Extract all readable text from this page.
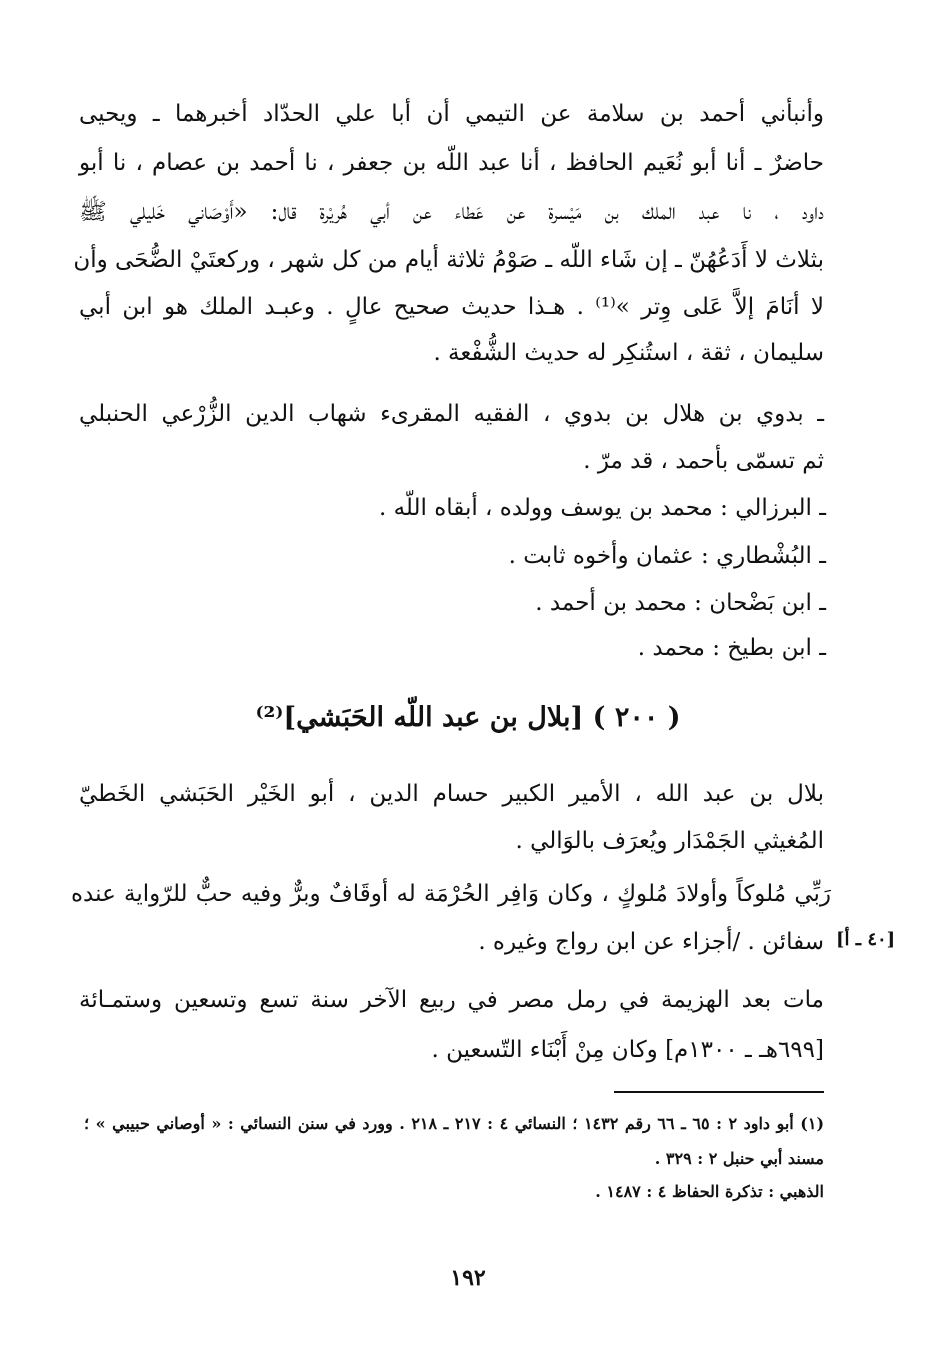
وأنبأني أحمد بن سلامة عن التيمي أن أبا علي الحدّاد أخبرهما ـ ويحيى
حاضرٌ ـ أنا أبو نُعَيم الحافظ ، أنا عبد اللّه بن جعفر ، نا أحمد بن عصام ، نا أبو
داود ، نا عبد الملك بن مَيْسرة عن عَطاء عن أبي هُريْرة قال: «أَوْصَاني خَليلي ﷺ
بثلاث لا أَدَعُهُنّ ـ إن شَاء اللّه ـ صَوْمُ ثلاثة أيام من كل شهر ، وركعتَيْ الضُّحَى وأن
لا أنَامَ إلاَّ عَلى وِتر »⁽¹⁾ . هـذا حديث صحيح عالٍ . وعبـد الملك هو ابن أبي
سليمان ، ثقة ، استُنكِر له حديث الشُّفْعة .
ـ بدوي بن هلال بن بدوي ، الفقيه المقرىء شهاب الدين الزُّرْعي الحنبلي
ثم تسمّى بأحمد ، قد مرّ .
ـ البرزالي : محمد بن يوسف وولده ، أبقاه اللّه .
ـ البُشْطاري : عثمان وأخوه ثابت .
ـ ابن بَضْحان : محمد بن أحمد .
ـ ابن بطيخ : محمد .
( ٢٠٠ ) [بلال بن عبد اللّه الحَبَشي]⁽²⁾
بلال بن عبد الله ، الأمير الكبير حسام الدين ، أبو الخَيْر الحَبَشي الخَطيّ
المُغيثي الجَمْدَار ويُعرَف بالوَالي .
رَبِّي مُلوكاً وأولادَ مُلوكٍ ، وكان وَافِر الحُرْمَة له أوقَافٌ وبرٌّ وفيه حبٌّ للرّواية عنده
سفائن . /أجزاء عن ابن رواج وغيره . [٤٠ ـ أ]
مات بعد الهزيمة في رمل مصر في ربيع الآخر سنة تسع وتسعين وستمـائة
[٦٩٩هـ ـ ١٣٠٠م] وكان مِنْ أَبْنَاء التّسعين .
(١) أبو داود ٢ : ٦٥ ـ ٦٦ رقم ١٤٣٢ ؛ النسائي ٤ : ٢١٧ ـ ٢١٨ . وورد في سنن النسائي : « أوصاني حبيبي » ؛
مسند أبي حنبل ٢ : ٣٢٩ .
الذهبي : تذكرة الحفاظ ٤ : ١٤٨٧ .
١٩٢
